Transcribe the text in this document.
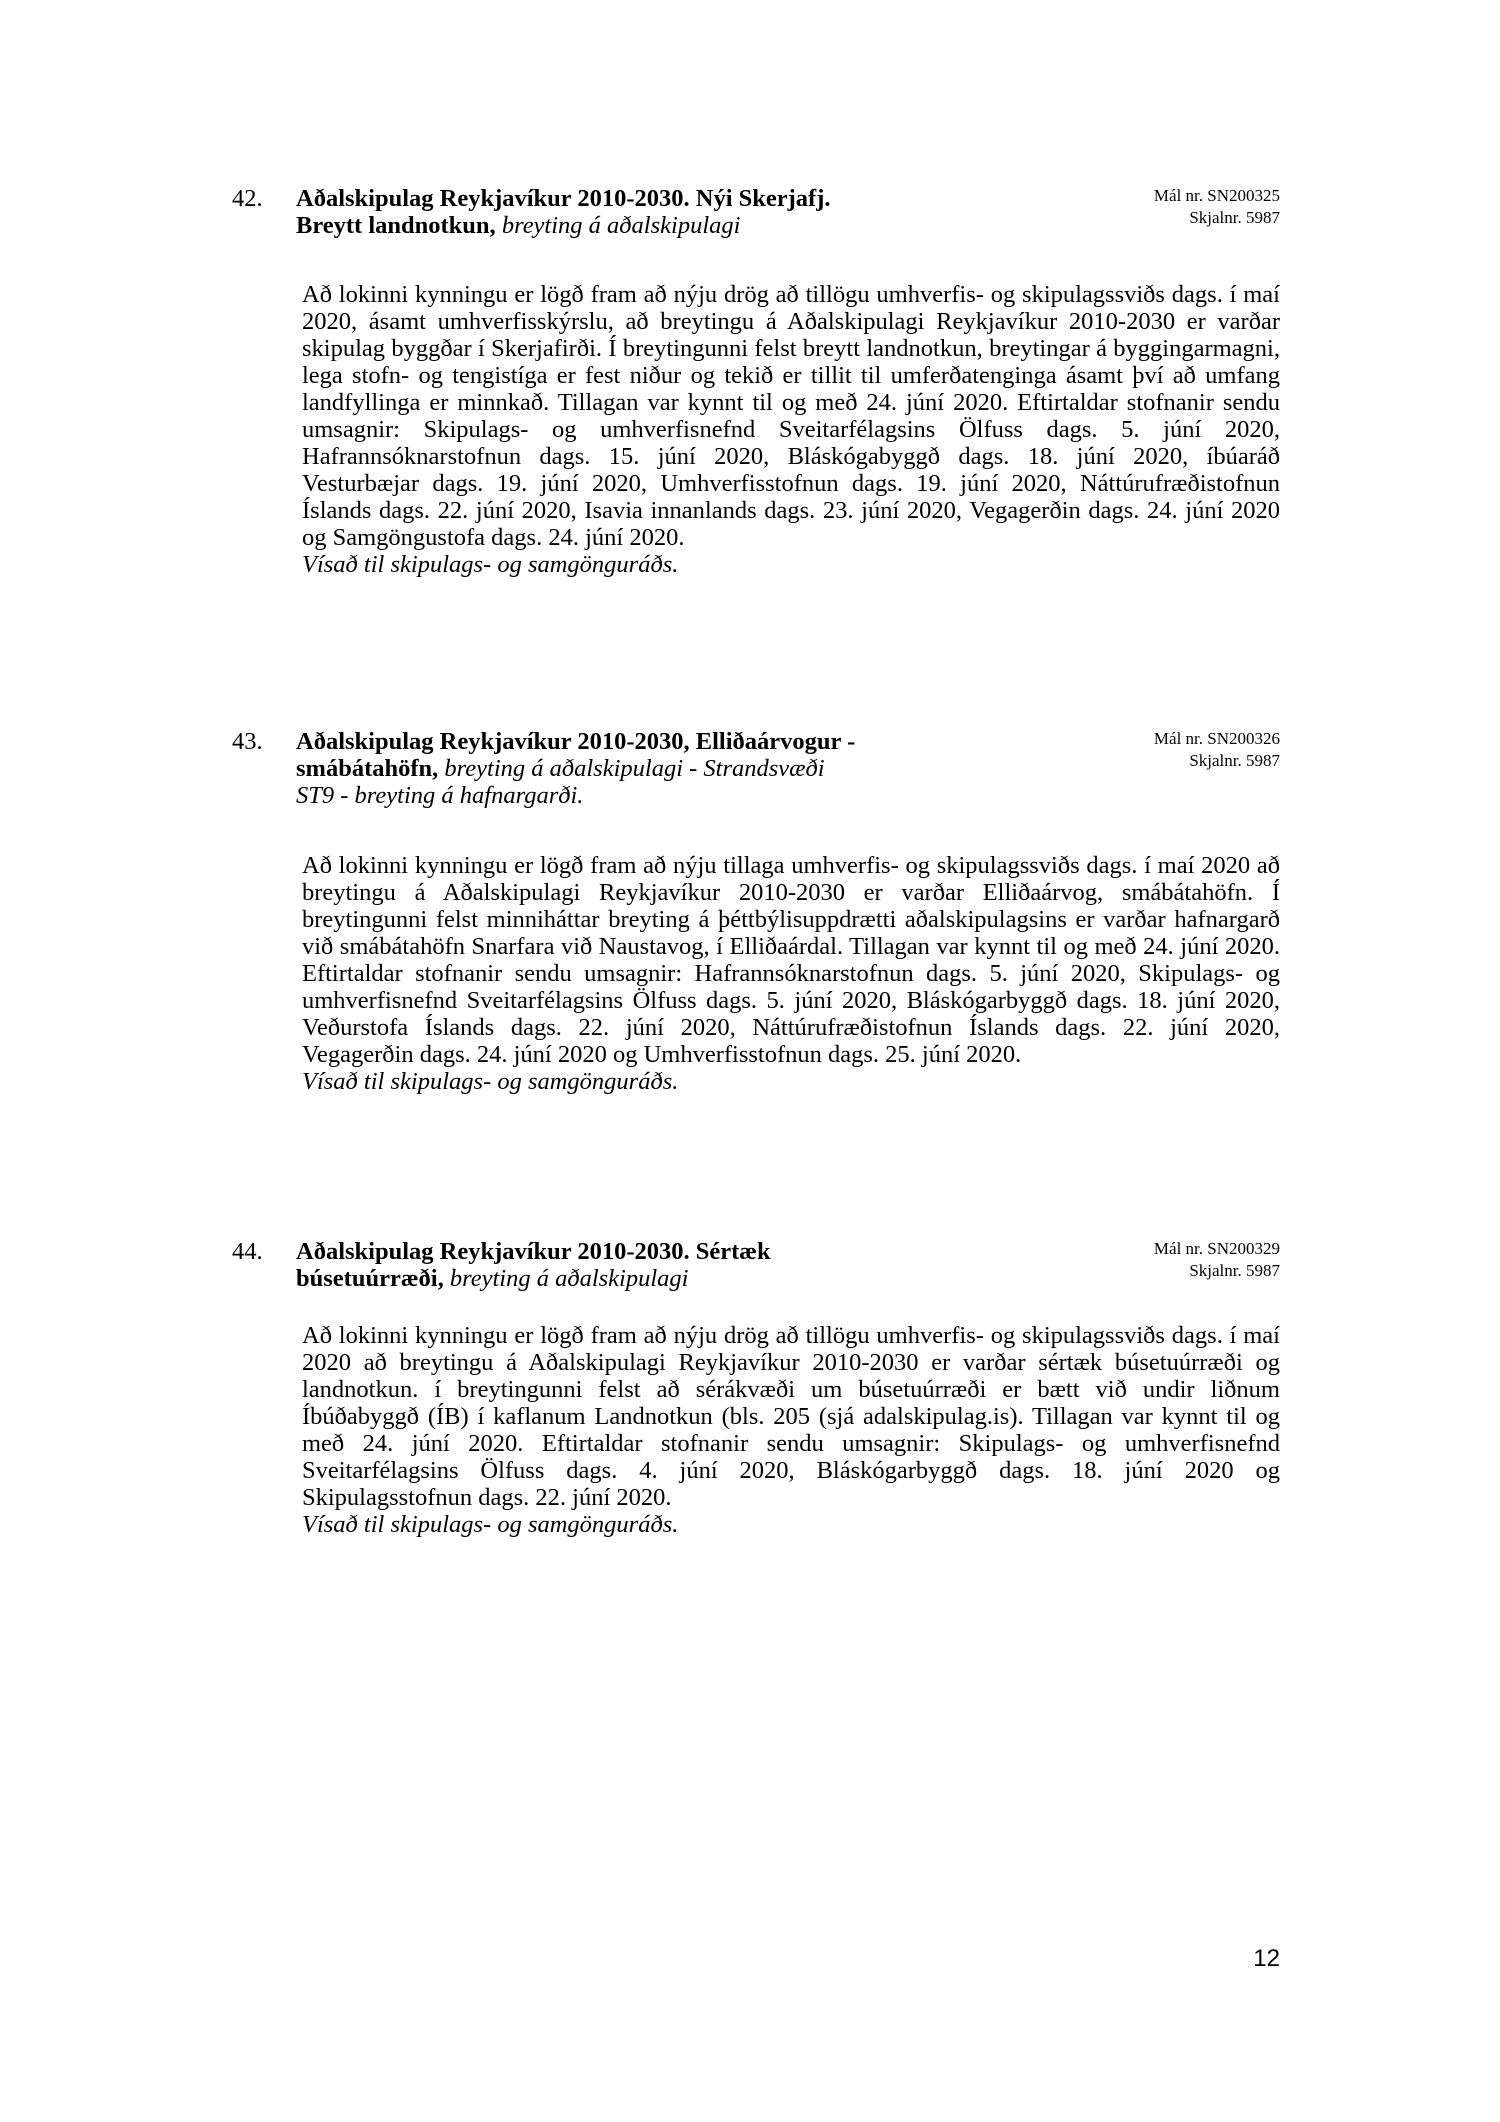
42.	Aðalskipulag Reykjavíkur 2010-2030. Nýi Skerjafj. Breytt landnotkun, breyting á aðalskipulagi
Mál nr. SN200325
Skjalnr. 5987
Að lokinni kynningu er lögð fram að nýju drög að tillögu umhverfis- og skipulagssviðs dags. í maí 2020, ásamt umhverfisskýrslu, að breytingu á Aðalskipulagi Reykjavíkur 2010-2030 er varðar skipulag byggðar í Skerjafirði. Í breytingunni felst breytt landnotkun, breytingar á byggingarmagni, lega stofn- og tengistíga er fest niður og tekið er tillit til umferðatenginga ásamt því að umfang landfyllinga er minnkað. Tillagan var kynnt til og með 24. júní 2020. Eftirtaldar stofnanir sendu umsagnir: Skipulags- og umhverfisnefnd Sveitarfélagsins Ölfuss dags. 5. júní 2020, Hafrannsóknarstofnun dags. 15. júní 2020, Bláskógabyggð dags. 18. júní 2020, íbúaráð Vesturbæjar dags. 19. júní 2020, Umhverfisstofnun dags. 19. júní 2020, Náttúrufræðistofnun Íslands dags. 22. júní 2020, Isavia innanlands dags. 23. júní 2020, Vegagerðin dags. 24. júní 2020 og Samgöngustofa dags. 24. júní 2020.
Vísað til skipulags- og samgönguráðs.
43.	Aðalskipulag Reykjavíkur 2010-2030, Elliðaárvogur - smábátahöfn, breyting á aðalskipulagi - Strandsvæði ST9 - breyting á hafnargarði.
Mál nr. SN200326
Skjalnr. 5987
Að lokinni kynningu er lögð fram að nýju tillaga umhverfis- og skipulagssviðs dags. í maí 2020 að breytingu á Aðalskipulagi Reykjavíkur 2010-2030 er varðar Elliðaárvog, smábátahöfn. Í breytingunni felst minniháttar breyting á þéttbýlisuppdrætti aðalskipulagsins er varðar hafnargarð við smábátahöfn Snarfara við Naustavog, í Elliðaárdal. Tillagan var kynnt til og með 24. júní 2020. Eftirtaldar stofnanir sendu umsagnir: Hafrannsóknarstofnun dags. 5. júní 2020, Skipulags- og umhverfisnefnd Sveitarfélagsins Ölfuss dags. 5. júní 2020, Bláskógarbyggð dags. 18. júní 2020, Veðurstofa Íslands dags. 22. júní 2020, Náttúrufræðistofnun Íslands dags. 22. júní 2020, Vegagerðin dags. 24. júní 2020 og Umhverfisstofnun dags. 25. júní 2020.
Vísað til skipulags- og samgönguráðs.
44.	Aðalskipulag Reykjavíkur 2010-2030. Sértæk búsetuúrræði, breyting á aðalskipulagi
Mál nr. SN200329
Skjalnr. 5987
Að lokinni kynningu er lögð fram að nýju drög að tillögu umhverfis- og skipulagssviðs dags. í maí 2020 að breytingu á Aðalskipulagi Reykjavíkur 2010-2030 er varðar sértæk búsetuúrræði og landnotkun. í breytingunni felst að sérákvæði um búsetuúrræði er bætt við undir liðnum Íbúðabyggð (ÍB) í kaflanum Landnotkun (bls. 205 (sjá adalskipulag.is). Tillagan var kynnt til og með 24. júní 2020. Eftirtaldar stofnanir sendu umsagnir: Skipulags- og umhverfisnefnd Sveitarfélagsins Ölfuss dags. 4. júní 2020, Bláskógarbyggð dags. 18. júní 2020 og Skipulagsstofnun dags. 22. júní 2020.
Vísað til skipulags- og samgönguráðs.
12
